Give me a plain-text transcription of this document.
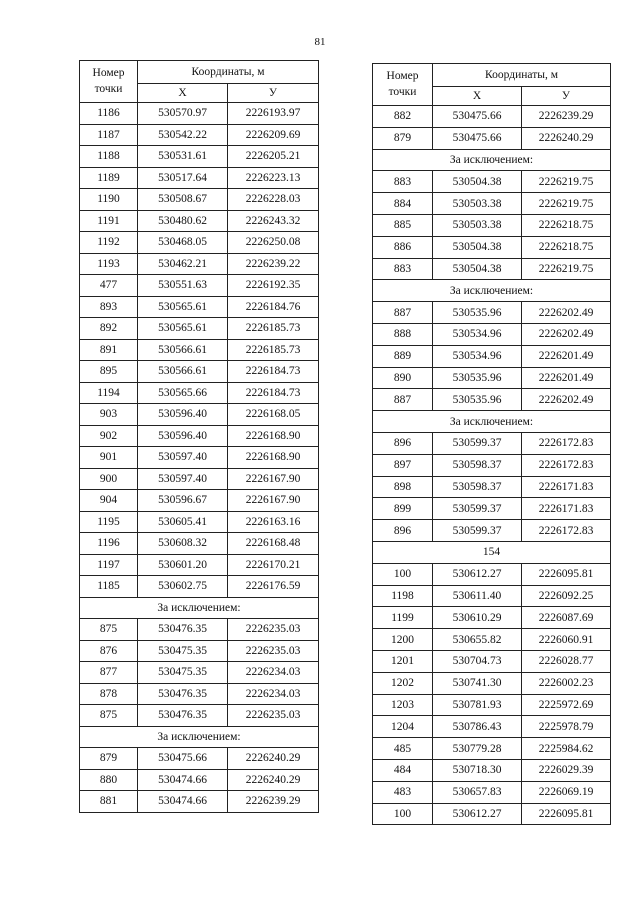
81
Номер точки	Координаты, м	
	Х	У
1186	530570.97	2226193.97
1187	530542.22	2226209.69
1188	530531.61	2226205.21
1189	530517.64	2226223.13
1190	530508.67	2226228.03
1191	530480.62	2226243.32
1192	530468.05	2226250.08
1193	530462.21	2226239.22
477	530551.63	2226192.35
893	530565.61	2226184.76
892	530565.61	2226185.73
891	530566.61	2226185.73
895	530566.61	2226184.73
1194	530565.66	2226184.73
903	530596.40	2226168.05
902	530596.40	2226168.90
901	530597.40	2226168.90
900	530597.40	2226167.90
904	530596.67	2226167.90
1195	530605.41	2226163.16
1196	530608.32	2226168.48
1197	530601.20	2226170.21
1185	530602.75	2226176.59
За исключением:		
875	530476.35	2226235.03
876	530475.35	2226235.03
877	530475.35	2226234.03
878	530476.35	2226234.03
875	530476.35	2226235.03
За исключением:		
879	530475.66	2226240.29
880	530474.66	2226240.29
881	530474.66	2226239.29
Номер точки	Координаты, м	
	Х	У
882	530475.66	2226239.29
879	530475.66	2226240.29
За исключением:		
883	530504.38	2226219.75
884	530503.38	2226219.75
885	530503.38	2226218.75
886	530504.38	2226218.75
883	530504.38	2226219.75
За исключением:		
887	530535.96	2226202.49
888	530534.96	2226202.49
889	530534.96	2226201.49
890	530535.96	2226201.49
887	530535.96	2226202.49
За исключением:		
896	530599.37	2226172.83
897	530598.37	2226172.83
898	530598.37	2226171.83
899	530599.37	2226171.83
896	530599.37	2226172.83
154		
100	530612.27	2226095.81
1198	530611.40	2226092.25
1199	530610.29	2226087.69
1200	530655.82	2226060.91
1201	530704.73	2226028.77
1202	530741.30	2226002.23
1203	530781.93	2225972.69
1204	530786.43	2225978.79
485	530779.28	2225984.62
484	530718.30	2226029.39
483	530657.83	2226069.19
100	530612.27	2226095.81
